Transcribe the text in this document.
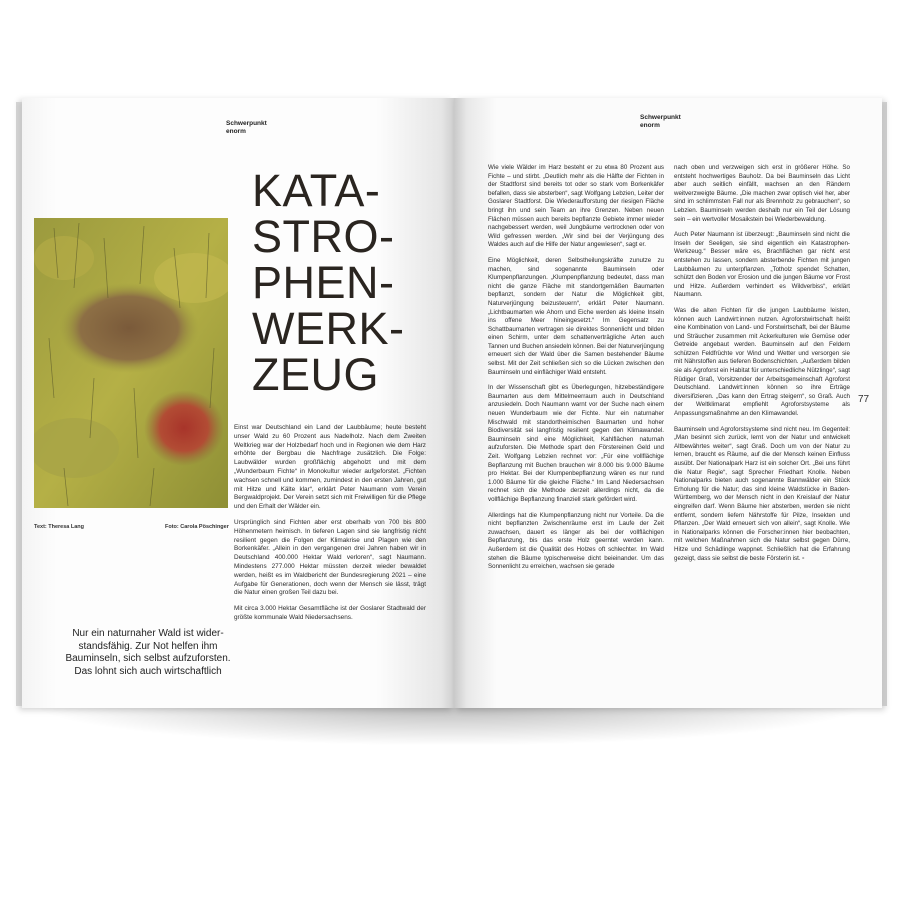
Schwerpunkt
enorm
KATA-
STRO-
PHEN-
WERK-
ZEUG
Text: Theresa Lang	Foto: Carola Pöschinger
Nur ein naturnaher Wald ist wider-
standsfähig. Zur Not helfen ihm
Bauminseln, sich selbst aufzuforsten.
Das lohnt sich auch wirtschaftlich

Einst war Deutschland ein Land der Laubbäume; heute besteht unser Wald zu 60 Prozent aus Nadelholz. Nach dem Zweiten Weltkrieg war der Holzbedarf hoch und in Regionen wie dem Harz erhöhte der Bergbau die Nachfrage zusätzlich. Die Folge: Laubwälder wurden großflächig abgeholzt und mit dem „Wunderbaum Fichte“ in Monokultur wieder aufgeforstet. „Fichten wachsen schnell und kommen, zumindest in den ersten Jahren, gut mit Hitze und Kälte klar“, erklärt Peter Naumann vom Verein Bergwaldprojekt. Der Verein setzt sich mit Freiwilligen für die Pflege und den Erhalt der Wälder ein.

Ursprünglich sind Fichten aber erst oberhalb von 700 bis 800 Höhenmetern heimisch. In tieferen Lagen sind sie langfristig nicht resilient gegen die Folgen der Klimakrise und Plagen wie den Borkenkäfer. „Allein in den vergangenen drei Jahren haben wir in Deutschland 400.000 Hektar Wald verloren“, sagt Naumann. Mindestens 277.000 Hektar müssten derzeit wieder bewaldet werden, heißt es im Waldbericht der Bundesregierung 2021 – eine Aufgabe für Generationen, doch wenn der Mensch sie lässt, trägt die Natur einen großen Teil dazu bei.

Mit circa 3.000 Hektar Gesamtfläche ist der Goslarer Stadtwald der größte kommunale Wald Niedersachsens.

Schwerpunkt
enorm

Wie viele Wälder im Harz besteht er zu etwa 80 Prozent aus Fichte – und stirbt. „Deutlich mehr als die Hälfte der Fichten in der Stadtforst sind bereits tot oder so stark vom Borkenkäfer befallen, dass sie absterben“, sagt Wolfgang Lebzien, Leiter der Goslarer Stadtforst. Die Wiederaufforstung der riesigen Fläche bringt ihn und sein Team an ihre Grenzen. Neben neuen Flächen müssen auch bereits bepflanzte Gebiete immer wieder nachgebessert werden, weil Jungbäume vertrocknen oder von Wild gefressen werden. „Wir sind bei der Verjüngung des Waldes auch auf die Hilfe der Natur angewiesen“, sagt er.

Eine Möglichkeit, deren Selbstheilungskräfte zunutze zu machen, sind sogenannte Bauminseln oder Klumpenpflanzungen. „Klumpenpflanzung bedeutet, dass man nicht die ganze Fläche mit standortgemäßen Baumarten bepflanzt, sondern der Natur die Möglichkeit gibt, Naturverjüngung beizusteuern“, erklärt Peter Naumann. „Lichtbaumarten wie Ahorn und Eiche werden als kleine Inseln ins offene Meer hineingesetzt.“ Im Gegensatz zu Schattbaumarten vertragen sie direktes Sonnenlicht und bilden einen Schirm, unter dem schattenverträgliche Arten auch Tannen und Buchen ansiedeln können. Bei der Naturverjüngung erneuert sich der Wald über die Samen bestehender Bäume selbst. Mit der Zeit schließen sich so die Lücken zwischen den Bauminseln und einflächiger Wald entsteht.

In der Wissenschaft gibt es Überlegungen, hitzebeständigere Baumarten aus dem Mittelmeerraum auch in Deutschland anzusiedeln. Doch Naumann warnt vor der Suche nach einem neuen Wunderbaum wie der Fichte. Nur ein naturnaher Mischwald mit standortheimischen Baumarten und hoher Biodiversität sei langfristig resilient gegen den Klimawandel. Bauminseln sind eine Möglichkeit, Kahlflächen naturnah aufzuforsten. Die Methode spart den Förstereinen Geld und Zeit. Wolfgang Lebzien rechnet vor: „Für eine vollflächige Bepflanzung mit Buchen brauchen wir 8.000 bis 9.000 Bäume pro Hektar. Bei der Klumpenbepflanzung wären es nur rund 1.000 Bäume für die gleiche Fläche.“ Im Land Niedersachsen rechnet sich die Methode derzeit allerdings nicht, da die vollflächige Bepflanzung finanziell stark gefördert wird.

Allerdings hat die Klumpenpflanzung nicht nur Vorteile. Da die nicht bepflanzten Zwischenräume erst im Laufe der Zeit zuwachsen, dauert es länger als bei der vollflächigen Bepflanzung, bis das erste Holz geerntet werden kann. Außerdem ist die Qualität des Holzes oft schlechter. Im Wald stehen die Bäume typischerweise dicht beieinander. Um das Sonnenlicht zu erreichen, wachsen sie gerade

nach oben und verzweigen sich erst in größerer Höhe. So entsteht hochwertiges Bauholz. Da bei Bauminseln das Licht aber auch seitlich einfällt, wachsen an den Rändern weitverzweigte Bäume. „Die machen zwar optisch viel her, aber sind im schlimmsten Fall nur als Brennholz zu gebrauchen“, so Lebzien. Bauminseln werden deshalb nur ein Teil der Lösung sein – ein wertvoller Mosaikstein bei Wiederbewaldung.

Auch Peter Naumann ist überzeugt: „Bauminseln sind nicht die Inseln der Seeligen, sie sind eigentlich ein Katastrophen-Werkzeug.“ Besser wäre es, Brachflächen gar nicht erst entstehen zu lassen, sondern absterbende Fichten mit jungen Laubbäumen zu unterpflanzen. „Totholz spendet Schatten, schützt den Boden vor Erosion und die jungen Bäume vor Frost und Hitze. Außerdem verhindert es Wildverbiss“, erklärt Naumann.

Was die alten Fichten für die jungen Laubbäume leisten, können auch Landwirt:innen nutzen. Agroforstwirtschaft heißt eine Kombination von Land- und Forstwirtschaft, bei der Bäume und Sträucher zusammen mit Ackerkulturen wie Gemüse oder Getreide angebaut werden. Bauminseln auf den Feldern schützen Feldfrüchte vor Wind und Wetter und versorgen sie mit Nährstoffen aus tieferen Bodenschichten. „Außerdem bilden sie als Agroforst ein Habitat für unterschiedliche Nützlinge“, sagt Rüdiger Graß, Vorsitzender der Arbeitsgemeinschaft Agroforst Deutschland. Landwirt:innen können so ihre Erträge diversifizieren. „Das kann den Ertrag steigern“, so Graß. Auch der Weltklimarat empfiehlt Agroforstsysteme als Anpassungsmaßnahme an den Klimawandel.

Bauminseln und Agroforstsysteme sind nicht neu. Im Gegenteil: „Man besinnt sich zurück, lernt von der Natur und entwickelt Altbewährtes weiter“, sagt Graß. Doch um von der Natur zu lernen, braucht es Räume, auf die der Mensch keinen Einfluss ausübt. Der Nationalpark Harz ist ein solcher Ort. „Bei uns führt die Natur Regie“, sagt Sprecher Friedhart Knolle. Neben Nationalparks bieten auch sogenannte Bannwälder ein Stück Erholung für die Natur; das sind kleine Waldstücke in Baden-Württemberg, wo der Mensch nicht in den Kreislauf der Natur eingreifen darf. Wenn Bäume hier absterben, werden sie nicht entfernt, sondern liefern Nährstoffe für Pilze, Insekten und Pflanzen. „Der Wald erneuert sich von allein“, sagt Knolle. Wie in Nationalparks können die Forscher:innen hier beobachten, mit welchen Maßnahmen sich die Natur selbst gegen Dürre, Hitze und Schädlinge wappnet. Schließlich hat die Erfahrung gezeigt, dass sie selbst die beste Försterin ist. ▫

77
